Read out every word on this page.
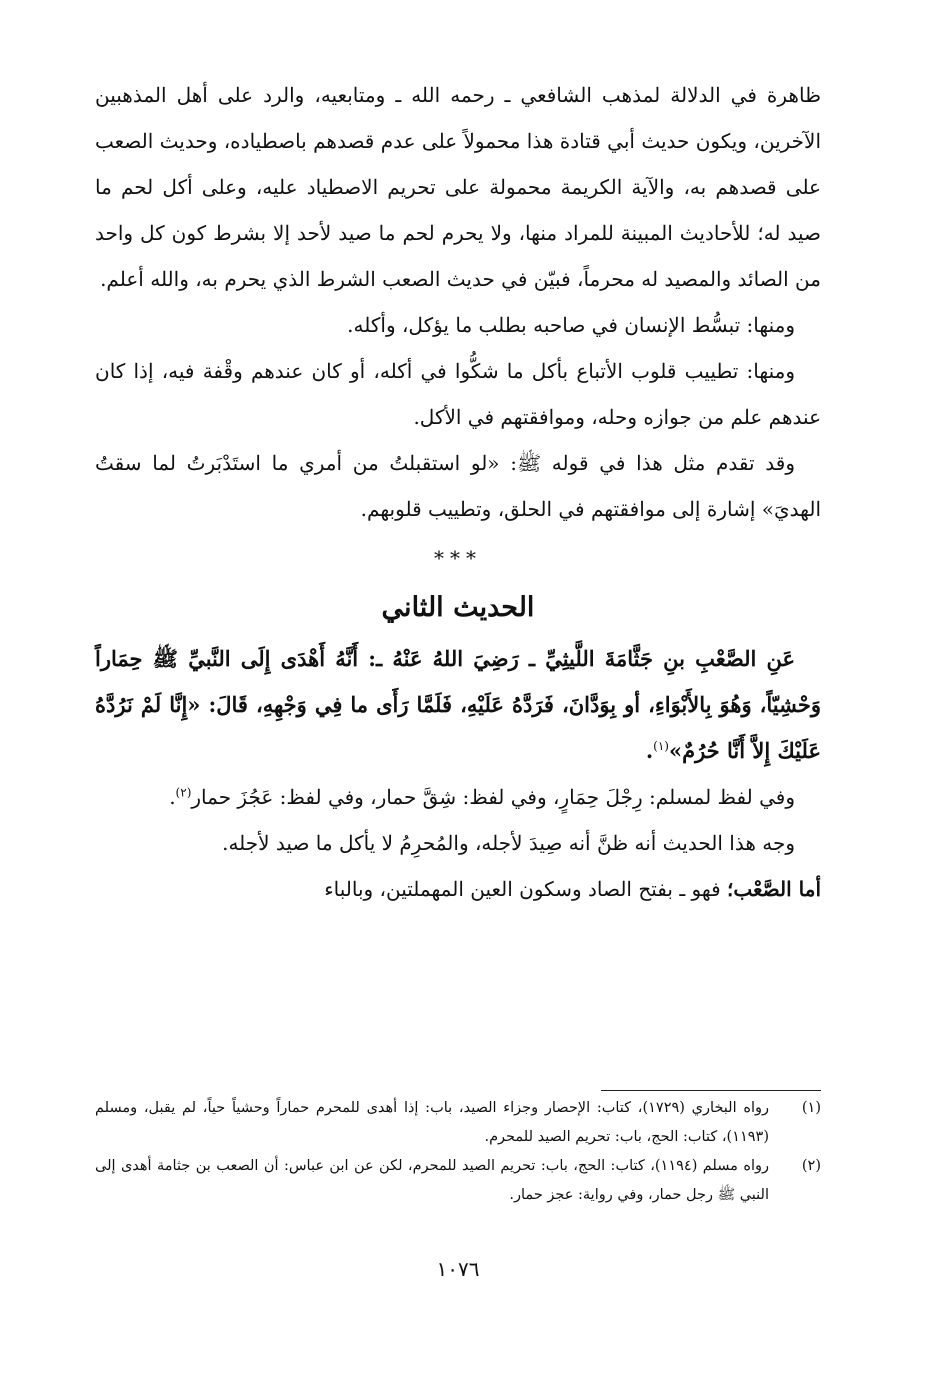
ظاهرة في الدلالة لمذهب الشافعي ـ رحمه الله ـ ومتابعيه، والرد على أهل المذهبين الآخرين، ويكون حديث أبي قتادة هذا محمولاً على عدم قصدهم باصطياده، وحديث الصعب على قصدهم به، والآية الكريمة محمولة على تحريم الاصطياد عليه، وعلى أكل لحم ما صيد له؛ للأحاديث المبينة للمراد منها، ولا يحرم لحم ما صيد لأحد إلا بشرط كون كل واحد من الصائد والمصيد له محرماً، فبيّن في حديث الصعب الشرط الذي يحرم به، والله أعلم.

ومنها: تبسُّط الإنسان في صاحبه بطلب ما يؤكل، وأكله.

ومنها: تطييب قلوب الأتباع بأكل ما شكُّوا في أكله، أو كان عندهم وقْفة فيه، إذا كان عندهم علم من جوازه وحله، وموافقتهم في الأكل.

وقد تقدم مثل هذا في قوله ﷺ: «لو استقبلتُ من أمري ما استَدْبَرتُ لما سقتُ الهديَ» إشارة إلى موافقتهم في الحلق، وتطييب قلوبهم.

***
الحديث الثاني

عَنِ الصَّعْبِ بنِ جَثَّامَةَ اللَّيثِيِّ ـ رَضِيَ اللهُ عَنْهُ ـ: أَنَّهُ أَهْدَى إِلَى النَّبيِّ ﷺ حِمَاراً وَحْشِيّاً، وَهُوَ بِالأَبْوَاءِ، أو بِوَدَّانَ، فَرَدَّهُ عَلَيْهِ، فَلَمَّا رَأَى ما فِي وَجْهِهِ، قَالَ: «إِنَّا لَمْ نَرُدَّهُ عَلَيْكَ إِلاَّ أَنَّا حُرُمٌ»$^{(١)}$.

وفي لفظ لمسلم: رِجْلَ حِمَارٍ، وفي لفظ: شِقَّ حمار، وفي لفظ: عَجُزَ حمار$^{(٢)}$.

وجه هذا الحديث أنه ظنَّ أنه صِيدَ لأجله، والمُحرِمُ لا يأكل ما صيد لأجله.

أما الصَّعْب؛ فهو ـ بفتح الصاد وسكون العين المهملتين، وبالباء

(١)
رواه البخاري (١٧٢٩)، كتاب: الإحصار وجزاء الصيد، باب: إذا أهدى للمحرم حماراً وحشياً حياً، لم يقبل، ومسلم (١١٩٣)، كتاب: الحج، باب: تحريم الصيد للمحرم.
(٢)
رواه مسلم (١١٩٤)، كتاب: الحج، باب: تحريم الصيد للمحرم، لكن عن ابن عباس: أن الصعب بن جثامة أهدى إلى النبي ﷺ رجل حمار، وفي رواية: عجز حمار.
١٠٧٦
